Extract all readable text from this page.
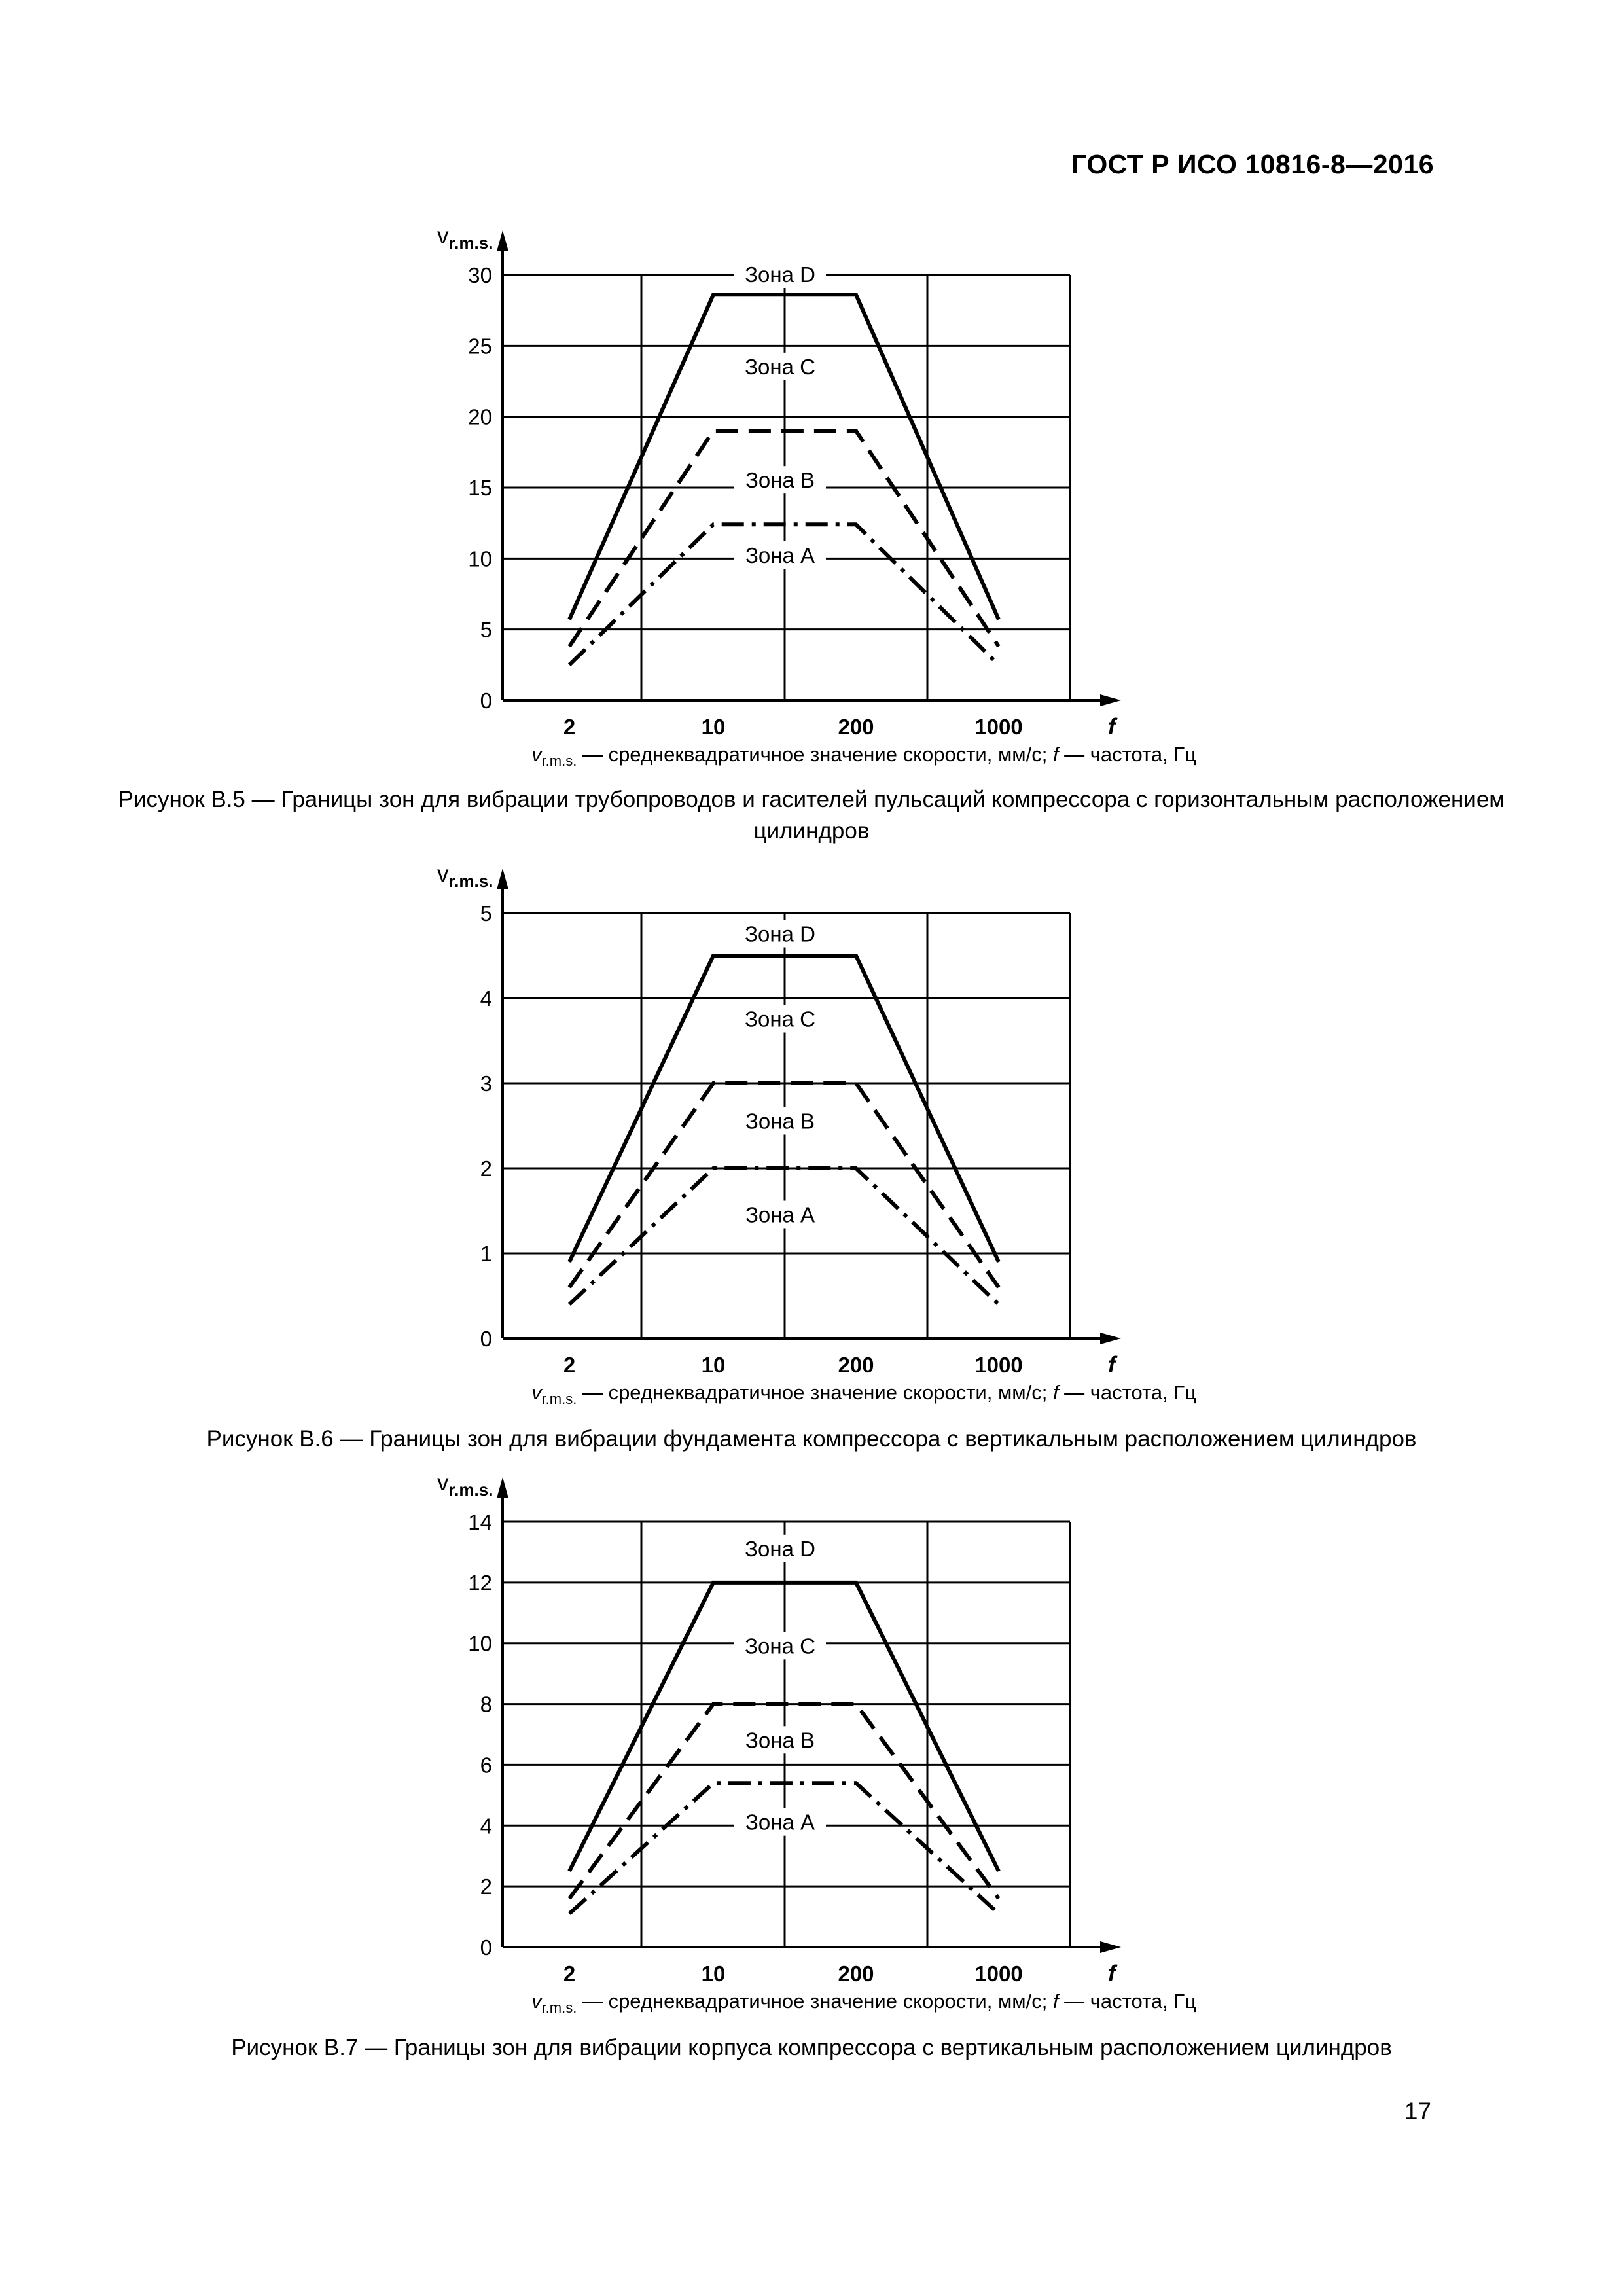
ГОСТ Р ИСО 10816-8—2016
0
5
10
15
20
25
30
$v_{r.m.s.}$
2	10	200	1000	f
Зона D
Зона C
Зона B
Зона A
$v_{r.m.s.}$ — среднеквадратичное значение скорости, мм/с; f — частота, Гц
Рисунок В.5 — Границы зон для вибрации трубопроводов и гасителей пульсаций компрессора с горизонтальным расположением цилиндров
0
1
2
3
4
5
$v_{r.m.s.}$
2	10	200	1000	f
Зона D
Зона C
Зона B
Зона A
$v_{r.m.s.}$ — среднеквадратичное значение скорости, мм/с; f — частота, Гц
Рисунок В.6 — Границы зон для вибрации фундамента компрессора с вертикальным расположением цилиндров
0
2
4
6
8
10
12
14
$v_{r.m.s.}$
2	10	200	1000	f
Зона D
Зона C
Зона B
Зона A
$v_{r.m.s.}$ — среднеквадратичное значение скорости, мм/с; f — частота, Гц
Рисунок В.7 — Границы зон для вибрации корпуса компрессора с вертикальным расположением цилиндров
17
